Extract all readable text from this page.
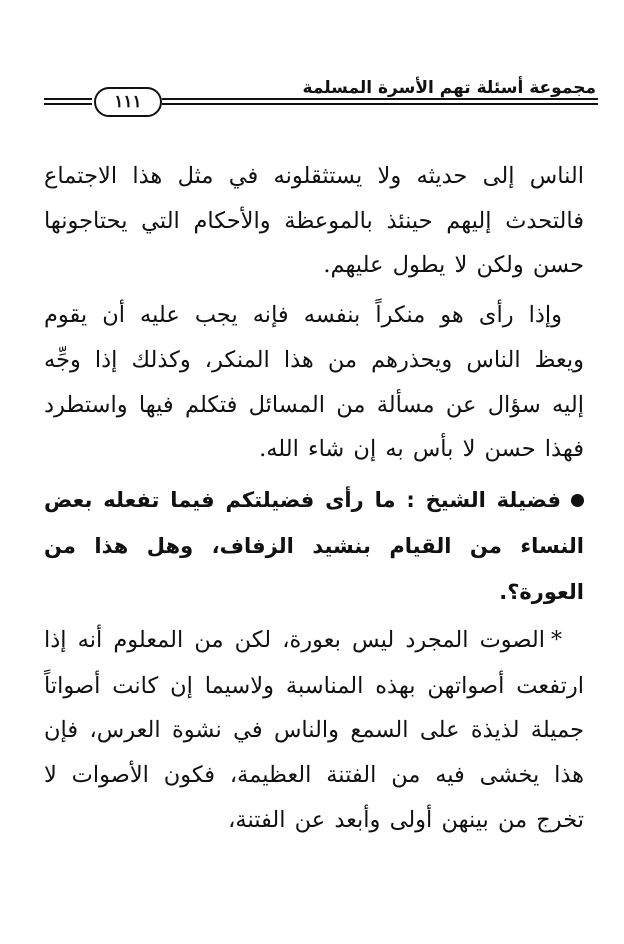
مجموعة أسئلة تهم الأسرة المسلمة
١١١

الناس إلى حديثه ولا يستثقلونه في مثل هذا الاجتماع فالتحدث إليهم حينئذ بالموعظة والأحكام التي يحتاجونها حسن ولكن لا يطول عليهم.

وإذا رأى هو منكراً بنفسه فإنه يجب عليه أن يقوم ويعظ الناس ويحذرهم من هذا المنكر، وكذلك إذا وجِّه إليه سؤال عن مسألة من المسائل فتكلم فيها واستطرد فهذا حسن لا بأس به إن شاء الله.

فضيلة الشيخ : ما رأى فضيلتكم فيما تفعله بعض النساء من القيام بنشيد الزفاف، وهل هذا من العورة؟.

*الصوت المجرد ليس بعورة، لكن من المعلوم أنه إذا ارتفعت أصواتهن بهذه المناسبة ولاسيما إن كانت أصواتاً جميلة لذيذة على السمع والناس في نشوة العرس، فإن هذا يخشى فيه من الفتنة العظيمة، فكون الأصوات لا تخرج من بينهن أولى وأبعد عن الفتنة،
